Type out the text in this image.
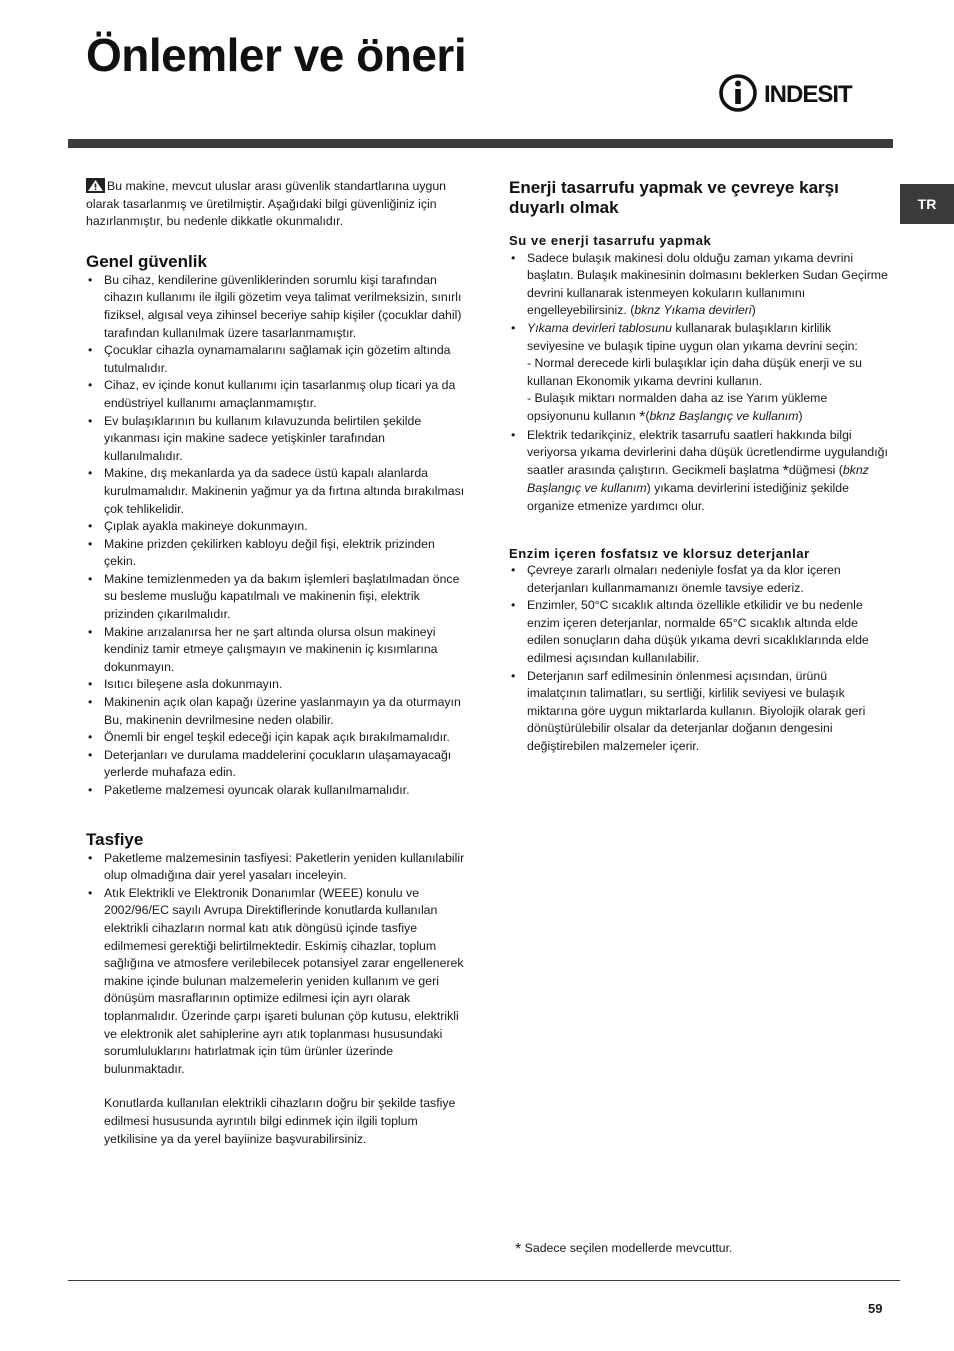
Önlemler ve öneri
INDESIT
TR

Bu makine, mevcut uluslar arası güvenlik standartlarına uygun olarak tasarlanmış ve üretilmiştir. Aşağıdaki bilgi güvenliğiniz için hazırlanmıştır, bu nedenle dikkatle okunmalıdır.

Genel güvenlik
• Bu cihaz, kendilerine güvenliklerinden sorumlu kişi tarafından cihazın kullanımı ile ilgili gözetim veya talimat verilmeksizin, sınırlı fiziksel, algısal veya zihinsel beceriye sahip kişiler (çocuklar dahil) tarafından kullanılmak üzere tasarlanmamıştır.
• Çocuklar cihazla oynamamalarını sağlamak için gözetim altında tutulmalıdır.
• Cihaz, ev içinde konut kullanımı için tasarlanmış olup ticari ya da endüstriyel kullanımı amaçlanmamıştır.
• Ev bulaşıklarının bu kullanım kılavuzunda belirtilen şekilde yıkanması için makine sadece yetişkinler tarafından kullanılmalıdır.
• Makine, dış mekanlarda ya da sadece üstü kapalı alanlarda kurulmamalıdır. Makinenin yağmur ya da fırtına altında bırakılması çok tehlikelidir.
• Çıplak ayakla makineye dokunmayın.
• Makine prizden çekilirken kabloyu değil fişi, elektrik prizinden çekin.
• Makine temizlenmeden ya da bakım işlemleri başlatılmadan önce su besleme musluğu kapatılmalı ve makinenin fişi, elektrik prizinden çıkarılmalıdır.
• Makine arızalanırsa her ne şart altında olursa olsun makineyi kendiniz tamir etmeye çalışmayın ve makinenin iç kısımlarına dokunmayın.
• Isıtıcı bileşene asla dokunmayın.
• Makinenin açık olan kapağı üzerine yaslanmayın ya da oturmayın Bu, makinenin devrilmesine neden olabilir.
• Önemli bir engel teşkil edeceği için kapak açık bırakılmamalıdır.
• Deterjanları ve durulama maddelerini çocukların ulaşamayacağı yerlerde muhafaza edin.
• Paketleme malzemesi oyuncak olarak kullanılmamalıdır.
Tasfiye
• Paketleme malzemesinin tasfiyesi: Paketlerin yeniden kullanılabilir olup olmadığına dair yerel yasaları inceleyin.
• Atık Elektrikli ve Elektronik Donanımlar (WEEE) konulu ve 2002/96/EC sayılı Avrupa Direktiflerinde konutlarda kullanılan elektrikli cihazların normal katı atık döngüsü içinde tasfiye edilmemesi gerektiği belirtilmektedir. Eskimiş cihazlar, toplum sağlığına ve atmosfere verilebilecek potansiyel zarar engellenerek makine içinde bulunan malzemelerin yeniden kullanım ve geri dönüşüm masraflarının optimize edilmesi için ayrı olarak toplanmalıdır. Üzerinde çarpı işareti bulunan çöp kutusu, elektrikli ve elektronik alet sahiplerine ayrı atık toplanması hususundaki sorumluluklarını hatırlatmak için tüm ürünler üzerinde bulunmaktadır.
Konutlarda kullanılan elektrikli cihazların doğru bir şekilde tasfiye edilmesi hususunda ayrıntılı bilgi edinmek için ilgili toplum yetkilisine ya da yerel bayiinize başvurabilirsiniz.
Enerji tasarrufu yapmak ve çevreye karşı duyarlı olmak
Su ve enerji tasarrufu yapmak
• Sadece bulaşık makinesi dolu olduğu zaman yıkama devrini başlatın. Bulaşık makinesinin dolmasını beklerken Sudan Geçirme devrini kullanarak istenmeyen kokuların kullanımını engelleyebilirsiniz. (bknz Yıkama devirleri)
• Yıkama devirleri tablosunu kullanarak bulaşıkların kirlilik seviyesine ve bulaşık tipine uygun olan yıkama devrini seçin:
- Normal derecede kirli bulaşıklar için daha düşük enerji ve su kullanan Ekonomik yıkama devrini kullanın.
- Bulaşık miktarı normalden daha az ise Yarım yükleme opsiyonunu kullanın *(bknz Başlangıç ve kullanım)
• Elektrik tedarikçiniz, elektrik tasarrufu saatleri hakkında bilgi veriyorsa yıkama devirlerini daha düşük ücretlendirme uygulandığı saatler arasında çalıştırın. Gecikmeli başlatma *düğmesi (bknz Başlangıç ve kullanım) yıkama devirlerini istediğiniz şekilde organize etmenize yardımcı olur.
Enzim içeren fosfatsız ve klorsuz deterjanlar
• Çevreye zararlı olmaları nedeniyle fosfat ya da klor içeren deterjanları kullanmamanızı önemle tavsiye ederiz.
• Enzimler, 50°C sıcaklık altında özellikle etkilidir ve bu nedenle enzim içeren deterjanlar, normalde 65°C sıcaklık altında elde edilen sonuçların daha düşük yıkama devri sıcaklıklarında elde edilmesi açısından kullanılabilir.
• Deterjanın sarf edilmesinin önlenmesi açısından, ürünü imalatçının talimatları, su sertliği, kirlilik seviyesi ve bulaşık miktarına göre uygun miktarlarda kullanın. Biyolojik olarak geri dönüştürülebilir olsalar da deterjanlar doğanın dengesini değiştirebilen malzemeler içerir.
* Sadece seçilen modellerde mevcuttur.
59
